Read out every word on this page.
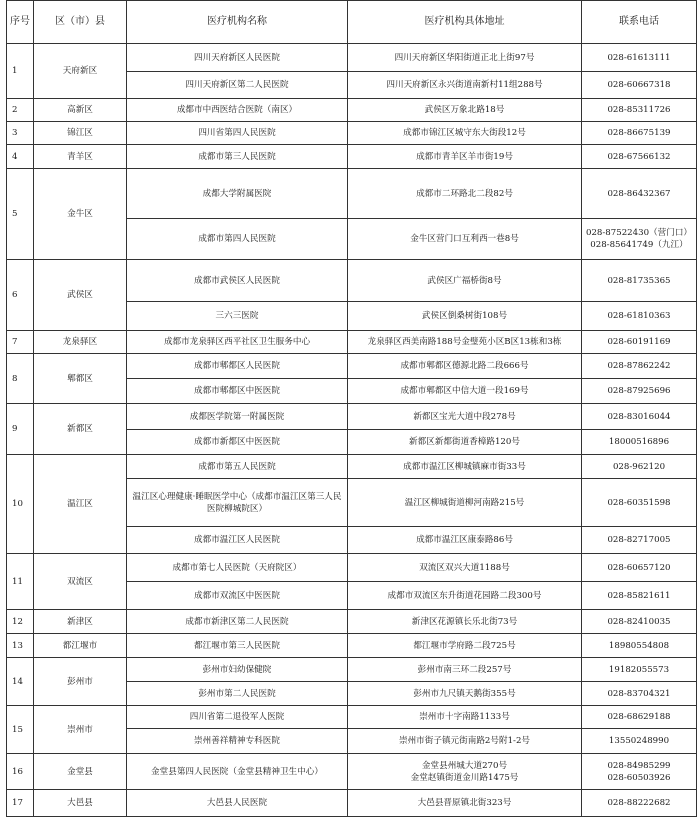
序号	区（市）县	医疗机构名称	医疗机构具体地址	联系电话
1	天府新区	四川天府新区人民医院	四川天府新区华阳街道正北上街97号	028-61613111

		四川天府新区第二人民医院	四川天府新区永兴街道南新村11组288号	028-60667318

2	高新区	成都市中西医结合医院（南区）	武侯区万象北路18号	028-85311726

3	锦江区	四川省第四人民医院	成都市锦江区城守东大街段12号	028-86675139

4	青羊区	成都市第三人民医院	成都市青羊区羊市街19号	028-67566132

5	金牛区	成都大学附属医院	成都市二环路北二段82号	028-86432367

		成都市第四人民医院	金牛区营门口互利西一巷8号	028-87522430（营门口）
028-85641749（九江）

6	武侯区	成都市武侯区人民医院	武侯区广福桥街8号	028-81735365

		三六三医院	武侯区倒桑树街108号	028-61810363

7	龙泉驿区	成都市龙泉驿区西平社区卫生服务中心	龙泉驿区西美南路188号金璧苑小区B区13栋和3栋	028-60191169

8	郫都区	成都市郫都区人民医院	成都市郫都区德源北路二段666号	028-87862242

		成都市郫都区中医医院	成都市郫都区中信大道一段169号	028-87925696

9	新都区	成都医学院第一附属医院	新都区宝光大道中段278号	028-83016044

		成都市新都区中医医院	新都区新都街道香樟路120号	18000516896

10	温江区	成都市第五人民医院	成都市温江区柳城镇麻市街33号	028-962120

		温江区心理健康·睡眠医学中心（成都市温江区第三人民医院柳城院区）	温江区柳城街道柳河南路215号	028-60351598

		成都市温江区人民医院	成都市温江区康泰路86号	028-82717005

11	双流区	成都市第七人民医院（天府院区）	双流区双兴大道1188号	028-60657120

		成都市双流区中医医院	成都市双流区东升街道花园路二段300号	028-85821611

12	新津区	成都市新津区第二人民医院	新津区花源镇长乐北街73号	028-82410035

13	都江堰市	都江堰市第三人民医院	都江堰市学府路二段725号	18980554808

14	彭州市	彭州市妇幼保健院	彭州市南三环二段257号	19182055573

		彭州市第二人民医院	彭州市九尺镇天鹅街355号	028-83704321

15	崇州市	四川省第二退役军人医院	崇州市十字南路1133号	028-68629188

		崇州善祥精神专科医院	崇州市街子镇元街南路2号附1-2号	13550248990

16	金堂县	金堂县第四人民医院（金堂县精神卫生中心）	金堂县州城大道270号
金堂赵镇街道金川路1475号	028-84985299
028-60503926

17	大邑县	大邑县人民医院	大邑县晋原镇北街323号	028-88222682
